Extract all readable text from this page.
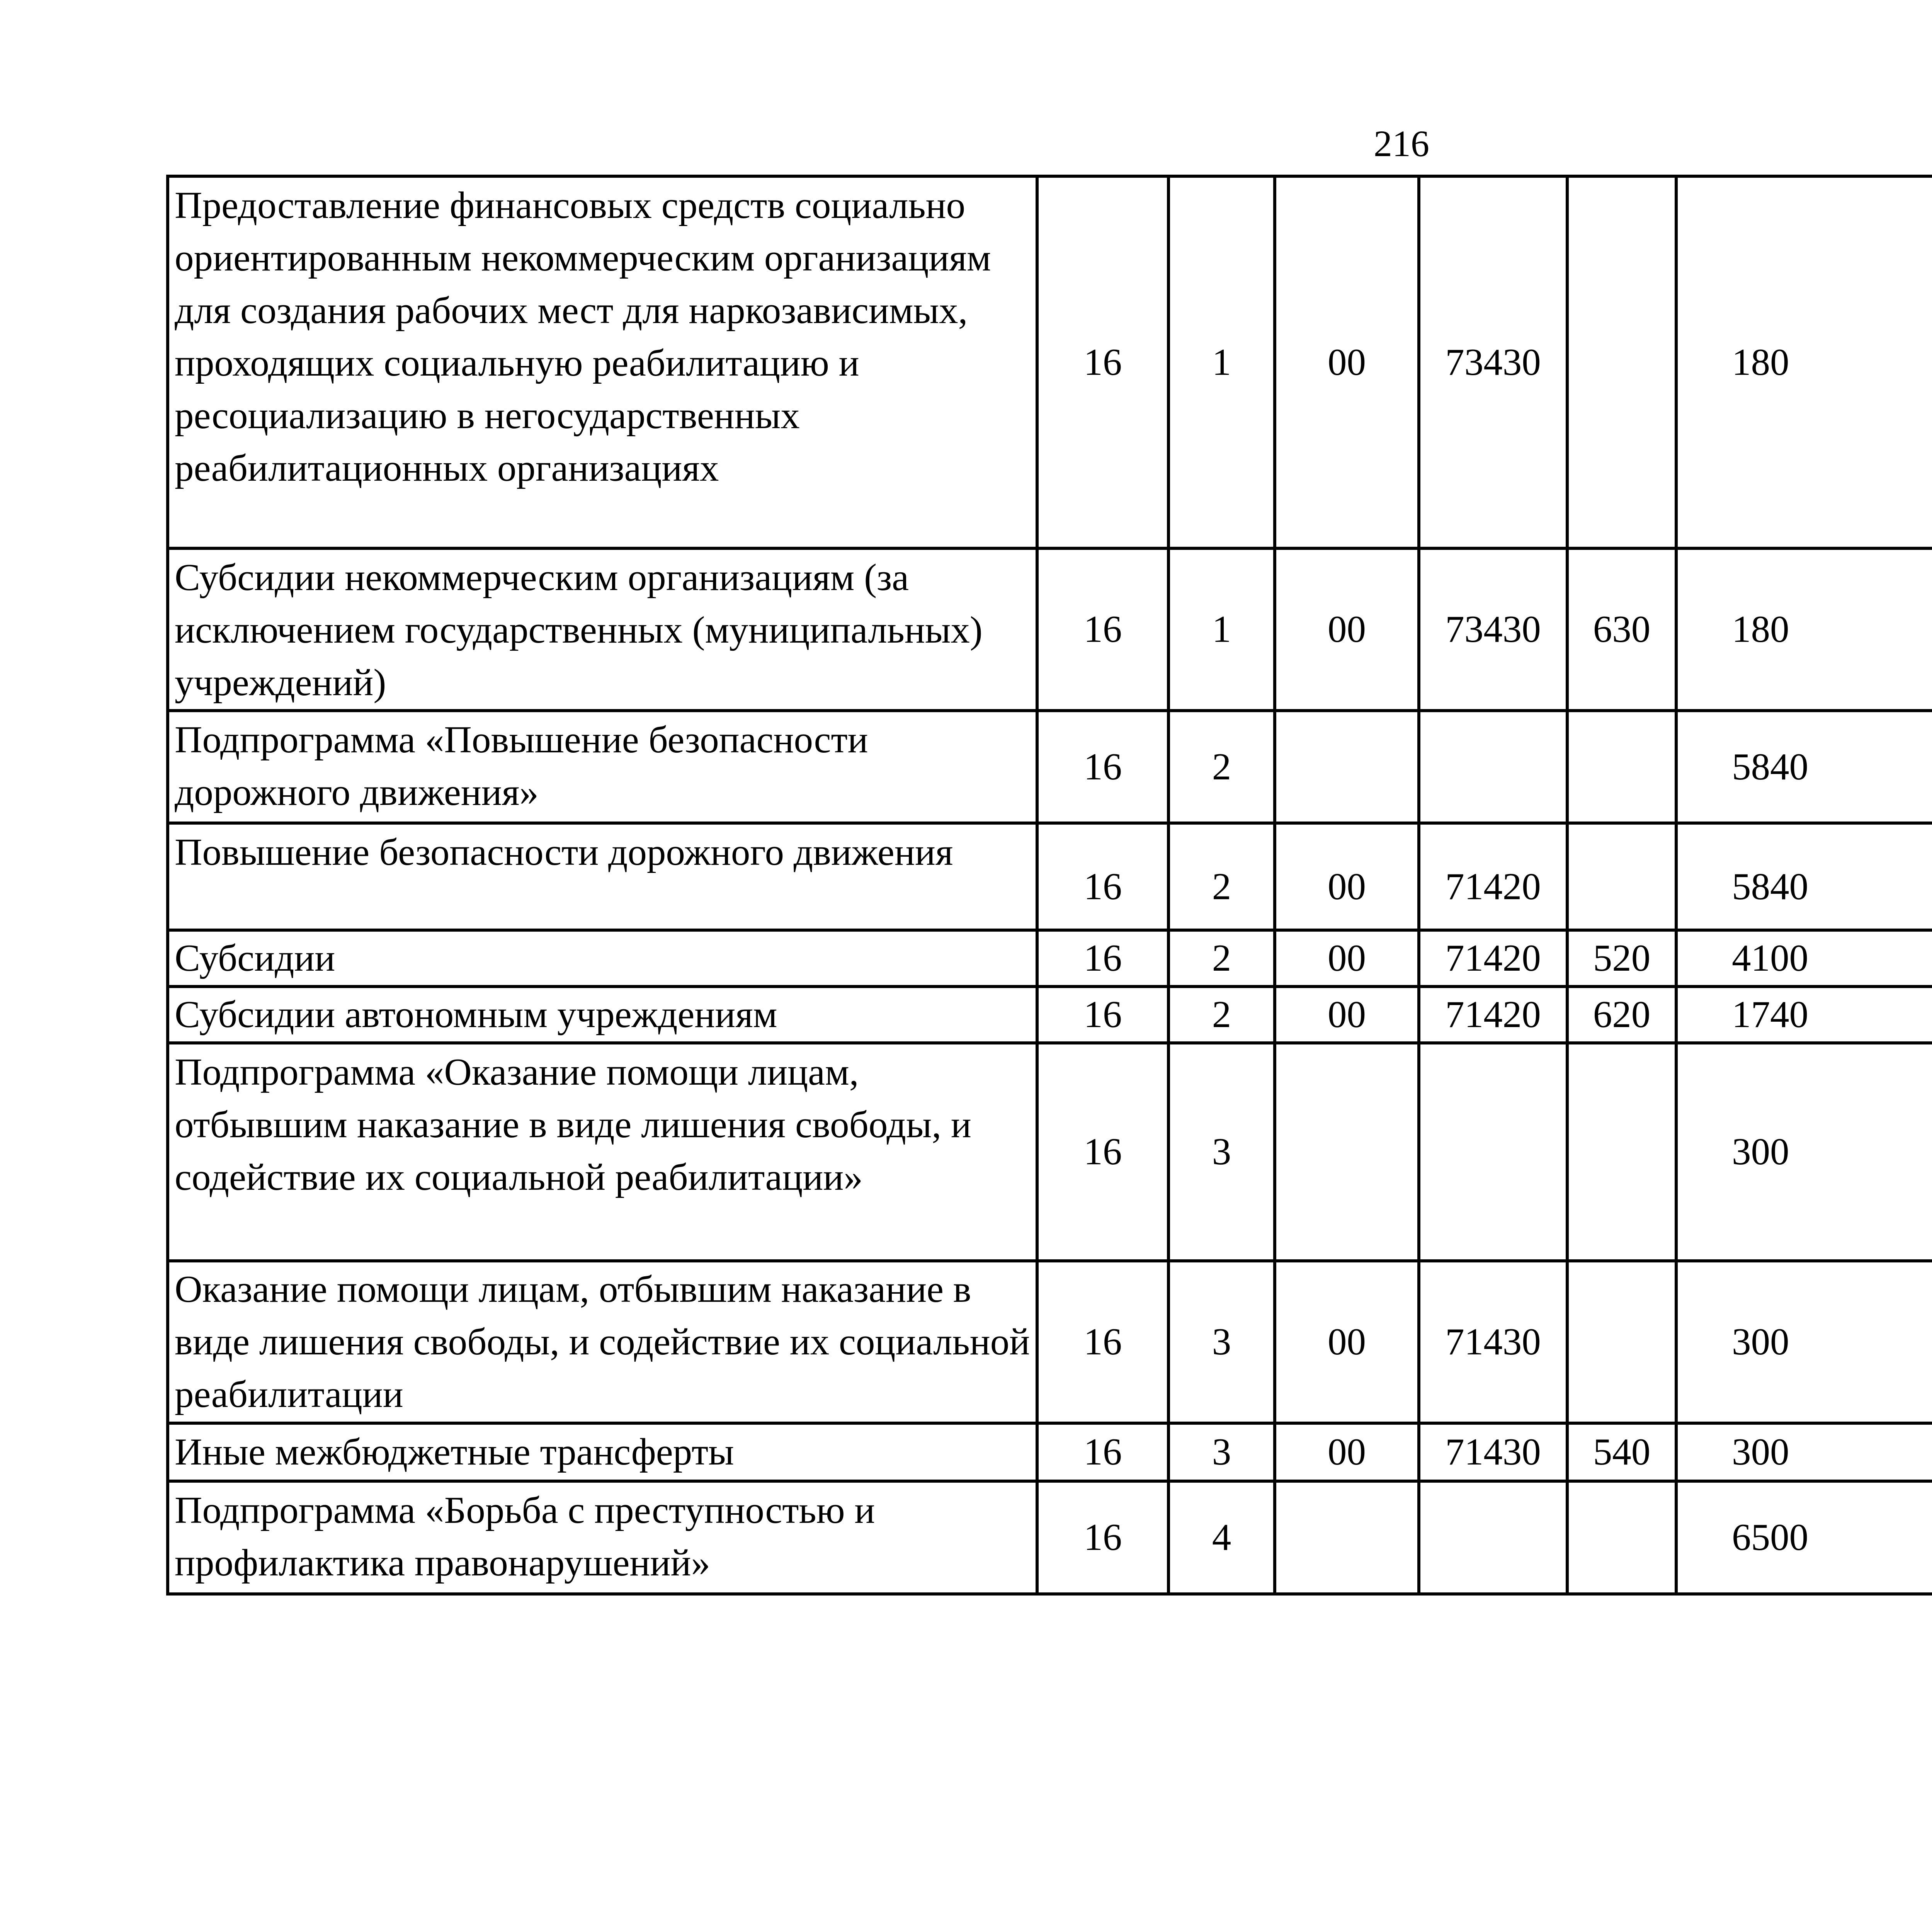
216
Предоставление финансовых средств социально ориентированным некоммерческим организациям для создания рабочих мест для наркозависимых, проходящих социальную реабилитацию и ресоциализацию в негосударственных реабилитационных организациях	16	1	00	73430		180		
Субсидии некоммерческим организациям (за исключением государственных (муниципальных) учреждений)	16	1	00	73430	630	180		
Подпрограмма «Повышение безопасности дорожного движения»	16	2				5840		
Повышение безопасности дорожного движения	16	2	00	71420		5840		
Субсидии	16	2	00	71420	520	4100		
Субсидии автономным учреждениям	16	2	00	71420	620	1740		
Подпрограмма «Оказание помощи лицам, отбывшим наказание в виде лишения свободы, и содействие их социальной реабилитации»	16	3				300		
Оказание помощи лицам, отбывшим наказание в виде лишения свободы, и содействие их социальной реабилитации	16	3	00	71430		300		
Иные межбюджетные трансферты	16	3	00	71430	540	300		
Подпрограмма «Борьба с преступностью и профилактика правонарушений»	16	4				6500		
